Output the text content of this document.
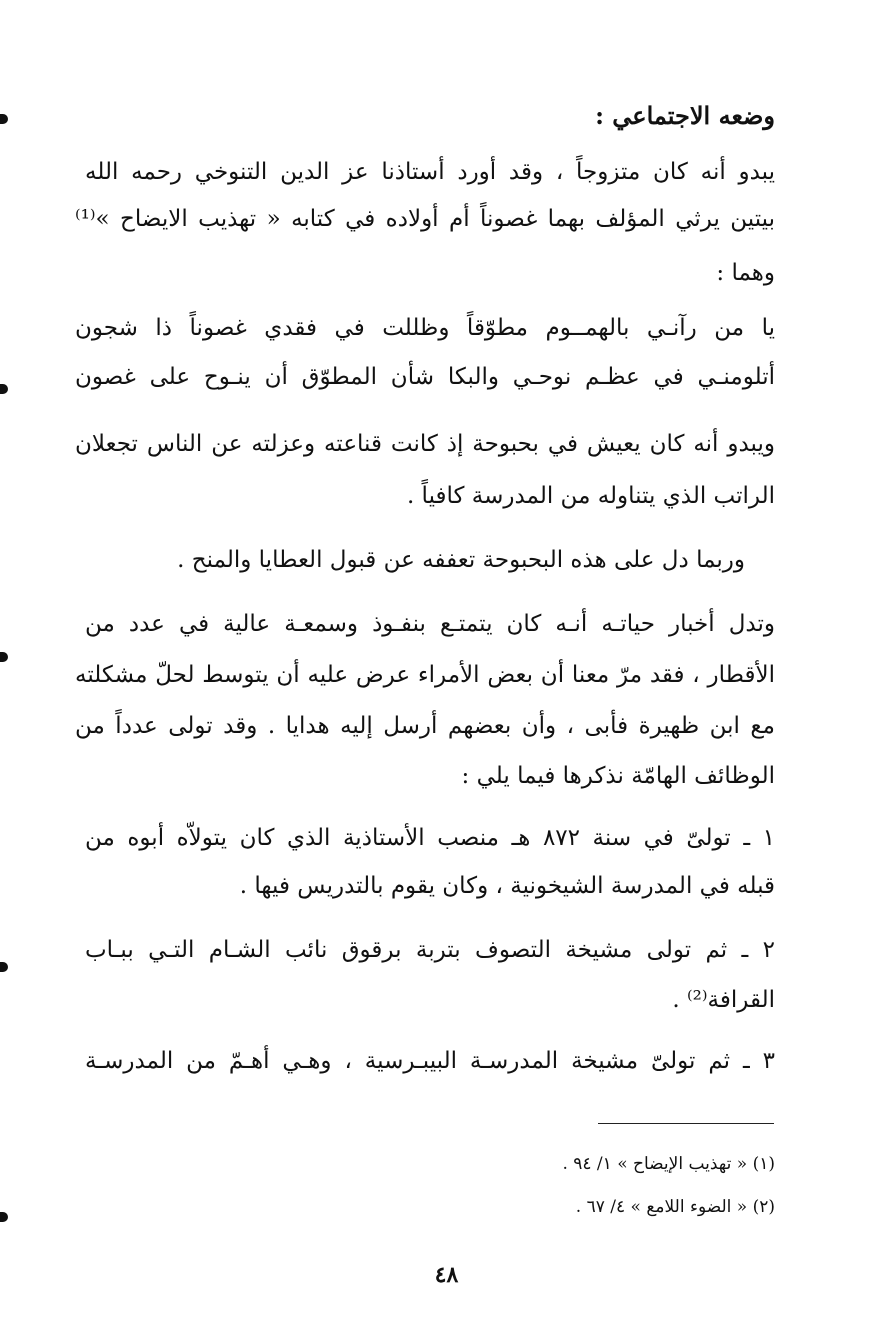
وضعه الاجتماعي :
يبدو أنه كان متزوجاً ، وقد أورد أستاذنا عز الدين التنوخي رحمه الله
بيتين يرثي المؤلف بهما غصوناً أم أولاده في كتابه « تهذيب الايضاح »⁽¹⁾
وهما :
يا من رآنـي بالهمــوم مطوّقاً وظللت في فقدي غصوناً ذا شجون
أتلومنـي في عظـم نوحـي والبكا شأن المطوّق أن ينـوح على غصون
ويبدو أنه كان يعيش في بحبوحة إذ كانت قناعته وعزلته عن الناس تجعلان
الراتب الذي يتناوله من المدرسة كافياً .
وربما دل على هذه البحبوحة تعففه عن قبول العطايا والمنح .
وتدل أخبار حياتـه أنـه كان يتمتـع بنفـوذ وسمعـة عالية في عدد من
الأقطار ، فقد مرّ معنا أن بعض الأمراء عرض عليه أن يتوسط لحلّ مشكلته
مع ابن ظهيرة فأبى ، وأن بعضهم أرسل إليه هدايا . وقد تولى عدداً من
الوظائف الهامّة نذكرها فيما يلي :
١ ـ تولىّ في سنة ٨٧٢ هـ منصب الأستاذية الذي كان يتولاّه أبوه من
قبله في المدرسة الشيخونية ، وكان يقوم بالتدريس فيها .
٢ ـ ثم تولى مشيخة التصوف بتربة برقوق نائب الشـام التـي ببـاب
القرافة⁽²⁾ .
٣ ـ ثم تولىّ مشيخة المدرسـة البيبـرسية ، وهـي أهـمّ من المدرسـة
(١) « تهذيب الإيضاح » ١/ ٩٤ .
(٢) « الضوء اللامع » ٤/ ٦٧ .
٤٨
